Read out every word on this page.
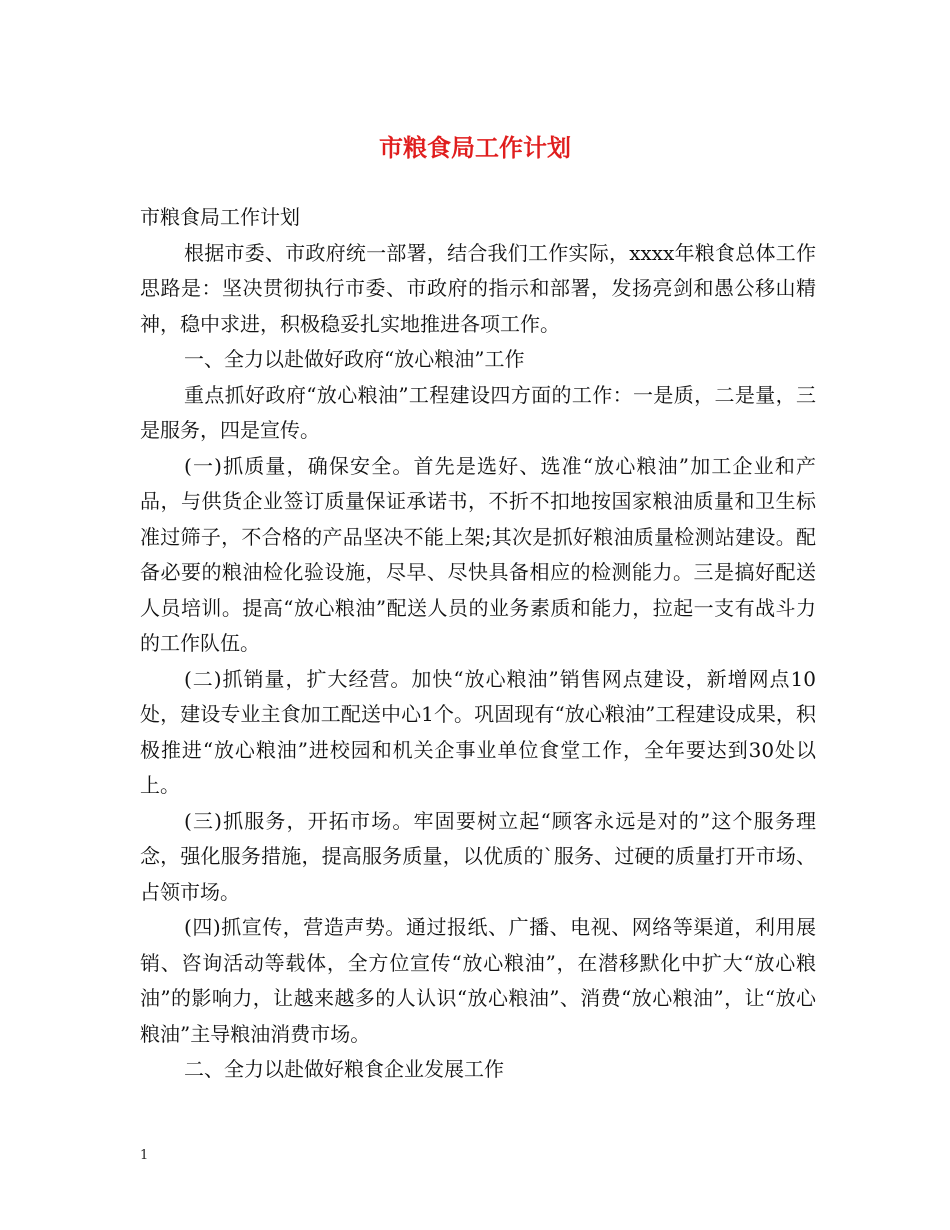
市粮食局工作计划

市粮食局工作计划

根据市委、市政府统一部署，结合我们工作实际，xxxx年粮食总体工作思路是：坚决贯彻执行市委、市政府的指示和部署，发扬亮剑和愚公移山精神，稳中求进，积极稳妥扎实地推进各项工作。

一、全力以赴做好政府“放心粮油”工作

重点抓好政府“放心粮油”工程建设四方面的工作：一是质，二是量，三是服务，四是宣传。

(一)抓质量，确保安全。首先是选好、选准“放心粮油”加工企业和产品，与供货企业签订质量保证承诺书，不折不扣地按国家粮油质量和卫生标准过筛子，不合格的产品坚决不能上架;其次是抓好粮油质量检测站建设。配备必要的粮油检化验设施，尽早、尽快具备相应的检测能力。三是搞好配送人员培训。提高“放心粮油”配送人员的业务素质和能力，拉起一支有战斗力的工作队伍。

(二)抓销量，扩大经营。加快“放心粮油”销售网点建设，新增网点10处，建设专业主食加工配送中心1个。巩固现有“放心粮油”工程建设成果，积极推进“放心粮油”进校园和机关企事业单位食堂工作，全年要达到30处以上。

(三)抓服务，开拓市场。牢固要树立起“顾客永远是对的”这个服务理念，强化服务措施，提高服务质量，以优质的`服务、过硬的质量打开市场、占领市场。

(四)抓宣传，营造声势。通过报纸、广播、电视、网络等渠道，利用展销、咨询活动等载体，全方位宣传“放心粮油”，在潜移默化中扩大“放心粮油”的影响力，让越来越多的人认识“放心粮油”、消费“放心粮油”，让“放心粮油”主导粮油消费市场。

二、全力以赴做好粮食企业发展工作

1
